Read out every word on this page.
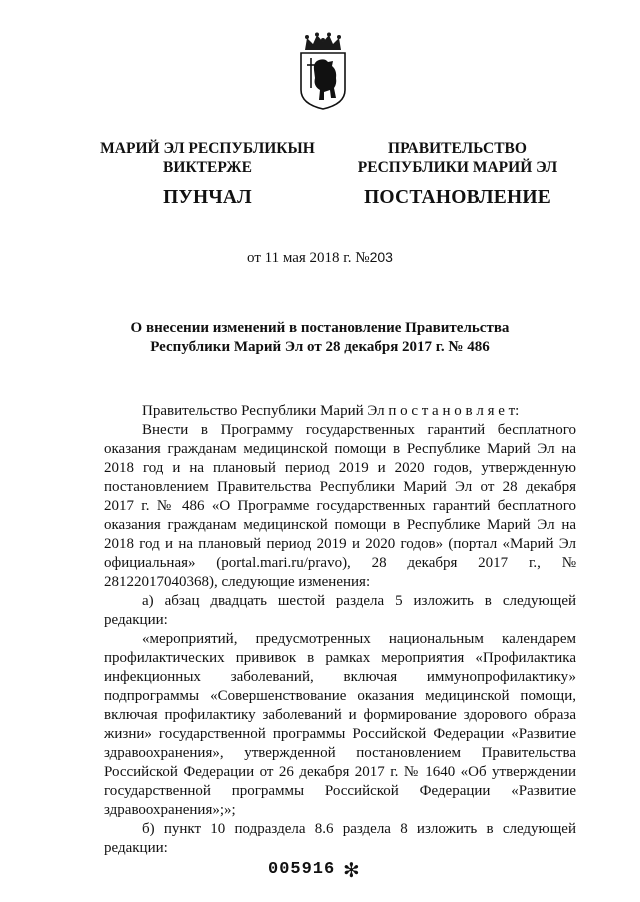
МАРИЙ ЭЛ РЕСПУБЛИКЫН
ВИКТЕРЖЕ
ПУНЧАЛ
ПРАВИТЕЛЬСТВО
РЕСПУБЛИКИ МАРИЙ ЭЛ
ПОСТАНОВЛЕНИЕ
от 11 мая 2018 г. №203
О внесении изменений в постановление Правительства
Республики Марий Эл от 28 декабря 2017 г. № 486

Правительство Республики Марий Эл п о с т а н о в л я е т:

Внести в Программу государственных гарантий бесплатного оказания гражданам медицинской помощи в Республике Марий Эл на 2018 год и на плановый период 2019 и 2020 годов, утвержденную постановлением Правительства Республики Марий Эл от 28 декабря 2017 г. № 486 «О Программе государственных гарантий бесплатного оказания гражданам медицинской помощи в Республике Марий Эл на 2018 год и на плановый период 2019 и 2020 годов» (портал «Марий Эл официальная» (portal.mari.ru/pravo), 28 декабря 2017 г., № 28122017040368), следующие изменения:

а) абзац двадцать шестой раздела 5 изложить в следующей редакции:

«мероприятий, предусмотренных национальным календарем профилактических прививок в рамках мероприятия «Профилактика инфекционных заболеваний, включая иммунопрофилактику» подпрограммы «Совершенствование оказания медицинской помощи, включая профилактику заболеваний и формирование здорового образа жизни» государственной программы Российской Федерации «Развитие здравоохранения», утвержденной постановлением Правительства Российской Федерации от 26 декабря 2017 г. № 1640 «Об утверждении государственной программы Российской Федерации «Развитие здравоохранения»;»;

б) пункт 10 подраздела 8.6 раздела 8 изложить в следующей редакции:

005916 ✻
